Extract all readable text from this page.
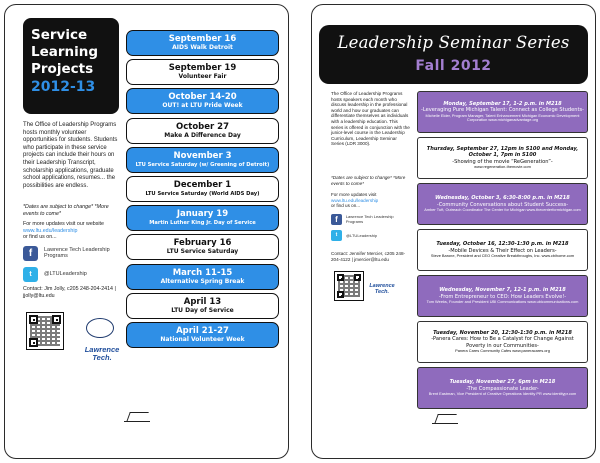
Service
Learning
Projects
2012-13
The Office of Leadership Programs hosts monthly volunteer opportunities for students. Students who participate in these service projects can include their hours on their Leadership Transcript, scholarship applications, graduate school applications, resumes... the possibilities are endless.
*Dates are subject to change* *More events to come*
For more updates visit our website
www.ltu.edu/leadership
or find us on...
f	Lawrence Tech Leadership Programs
t	@LTULeadership
Contact: Jim Jolly, c205 248-204-2414 | jjolly@ltu.edu
Lawrence
Tech.
September 16
AIDS Walk Detroit
September 19
Volunteer Fair
October 14-20
OUT! at LTU Pride Week
October 27
Make A Difference Day
November 3
LTU Service Saturday (w/ Greening of Detroit)
December 1
LTU Service Saturday (World AIDS Day)
January 19
Martin Luther King Jr. Day of Service
February 16
LTU Service Saturday
March 11-15
Alternative Spring Break
April 13
LTU Day of Service
April 21-27
National Volunteer Week
Leadership Seminar Series
Fall 2012
The Office of Leadership Programs hosts speakers each month who discuss leadership in the professional world and how our graduates can differentiate themselves as individuals with a leadership education. This series is offered in conjunction with the junior-level course in the Leadership Curriculum, Leadership Seminar Series (LDR 3000).
*Dates are subject to change* *More events to come*
For more updates visit
www.ltu.edu/leadership
or find us on...
f	Lawrence Tech Leadership Programs
t	@LTULeadership
Contact: Jennifer Mercier, c205 248-204-4122 | jmercier@ltu.edu
Lawrence
Tech.
Monday, September 17, 1-2 p.m. in M218
-Leveraging Pure Michigan Talent: Connect as College Students-
Michelle Elder, Program Manager, Talent Enhancement Michigan Economic Development Corporation www.michiganadvantage.org
Thursday, September 27, 12pm in S100 and Monday, October 1, 7pm in S100
-Showing of the movie “ReGeneration”-
www.regeneration-themovie.com
Wednesday, October 3, 6:30-8:00 p.m. in M218
-Community Conversations about Student Success-
Amber Tuft, Outreach Coordinator The Center for Michigan www.thecenterformichigan.com
Tuesday, October 16, 12:30-1:30 p.m. in M218
-Mobile Devices & Their Effect on Leaders-
Steve Barone, President and CEO Creative Breakthroughs, Inc. www.cbihome.com
Wednesday, November 7, 12-1 p.m. in M218
-From Entrepreneur to CEO: How Leaders Evolve!-
Tom Weeks, Founder and President UBI Communications www.ubicommunications.com
Tuesday, November 20, 12:30-1:30 p.m. in M218
-Panera Cares: How to Be a Catalyst for Change Against Poverty in our Communities-
Panera Cares Community Cafes www.paneracares.org
Tuesday, November 27, 6pm in M218
-The Compassionate Leader-
Brent Eastman, Vice President of Creative Operations Identity PR www.identitypr.com
